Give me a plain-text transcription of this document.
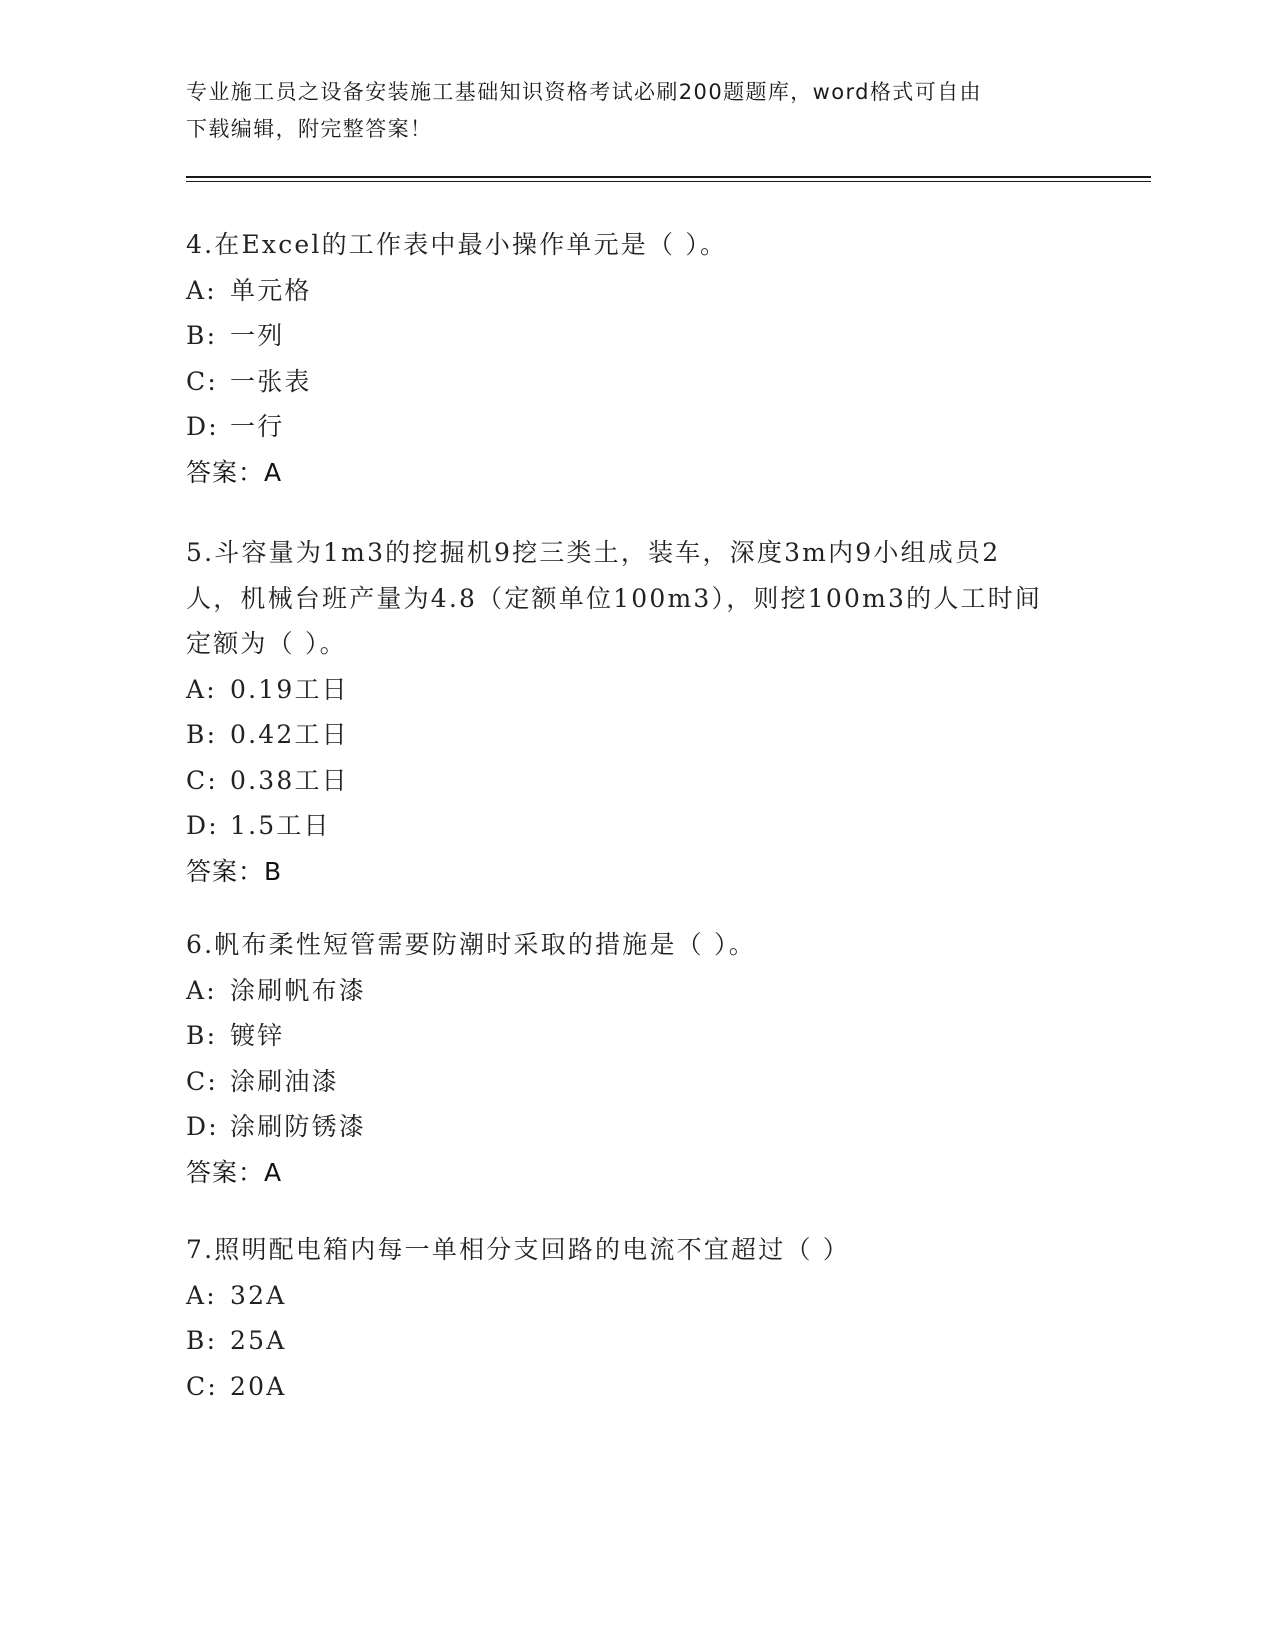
专业施工员之设备安装施工基础知识资格考试必刷200题题库，word格式可自由
下载编辑，附完整答案！
4.在Excel的工作表中最小操作单元是（ ）。
A: 单元格
B: 一列
C: 一张表
D: 一行
答案：A
5.斗容量为1m3的挖掘机9挖三类土，装车，深度3m内9小组成员2
人，机械台班产量为4.8（定额单位100m3），则挖100m3的人工时间
定额为（ ）。
A: 0.19工日
B: 0.42工日
C: 0.38工日
D: 1.5工日
答案：B
6.帆布柔性短管需要防潮时采取的措施是（ ）。
A: 涂刷帆布漆
B: 镀锌
C: 涂刷油漆
D: 涂刷防锈漆
答案：A
7.照明配电箱内每一单相分支回路的电流不宜超过（ ）
A: 32A
B: 25A
C: 20A
